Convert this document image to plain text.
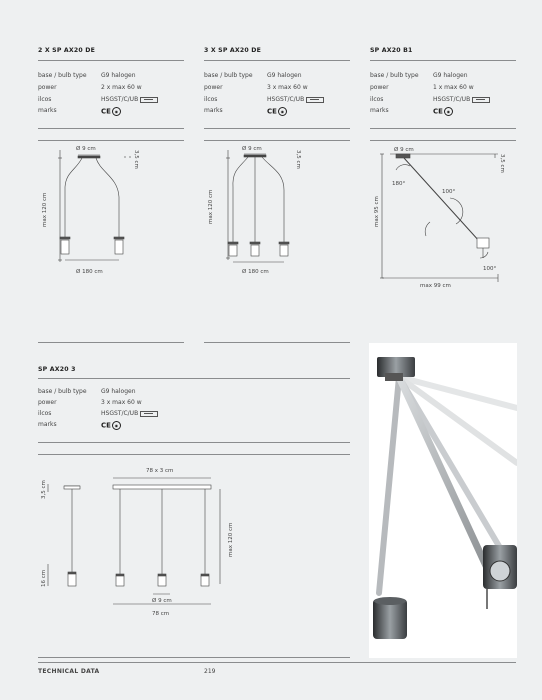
2 X SP AX20 DE	3 X SP AX20 DE	SP AX20 B1
base / bulb type G9 halogen
power	2 x max 60 w
ilcos	HSGST/C/UB
marks	CE ◉
base / bulb type G9 halogen
power	3 x max 60 w
ilcos	HSGST/C/UB
marks	CE ◉
base / bulb type G9 halogen
power	1 x max 60 w
ilcos	HSGST/C/UB
marks	CE ◉
Ø 9 cm
3,5 cm
max 120 cm
Ø 180 cm
Ø 9 cm
3,5 cm
max 120 cm
Ø 180 cm
Ø 9 cm
3,5 cm
max 95 cm
180°
100°
100°
max 99 cm
SP AX20 3
base / bulb type G9 halogen
power	3 x max 60 w
ilcos	HSGST/C/UB
marks	CE ◉
78 x 3 cm
3,5 cm
16 cm
max 120 cm
Ø 9 cm
78 cm
TECHNICAL DATA	219
